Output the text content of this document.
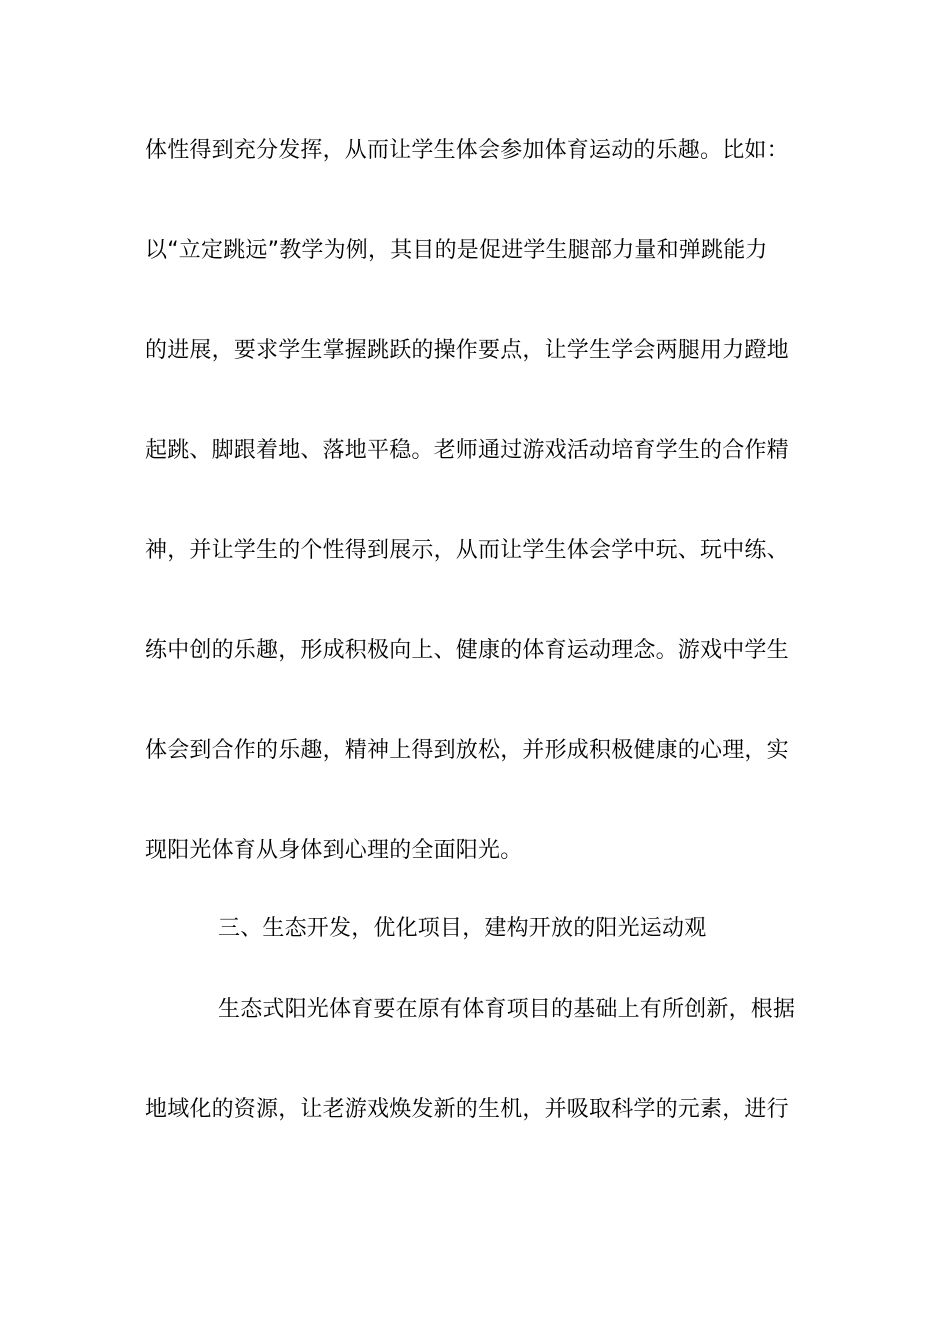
体性得到充分发挥，从而让学生体会参加体育运动的乐趣。比如：
以“立定跳远”教学为例，其目的是促进学生腿部力量和弹跳能力
的进展，要求学生掌握跳跃的操作要点，让学生学会两腿用力蹬地
起跳、脚跟着地、落地平稳。老师通过游戏活动培育学生的合作精
神，并让学生的个性得到展示，从而让学生体会学中玩、玩中练、
练中创的乐趣，形成积极向上、健康的体育运动理念。游戏中学生
体会到合作的乐趣，精神上得到放松，并形成积极健康的心理，实
现阳光体育从身体到心理的全面阳光。
三、生态开发，优化项目，建构开放的阳光运动观
生态式阳光体育要在原有体育项目的基础上有所创新，根据
地域化的资源，让老游戏焕发新的生机，并吸取科学的元素，进行
